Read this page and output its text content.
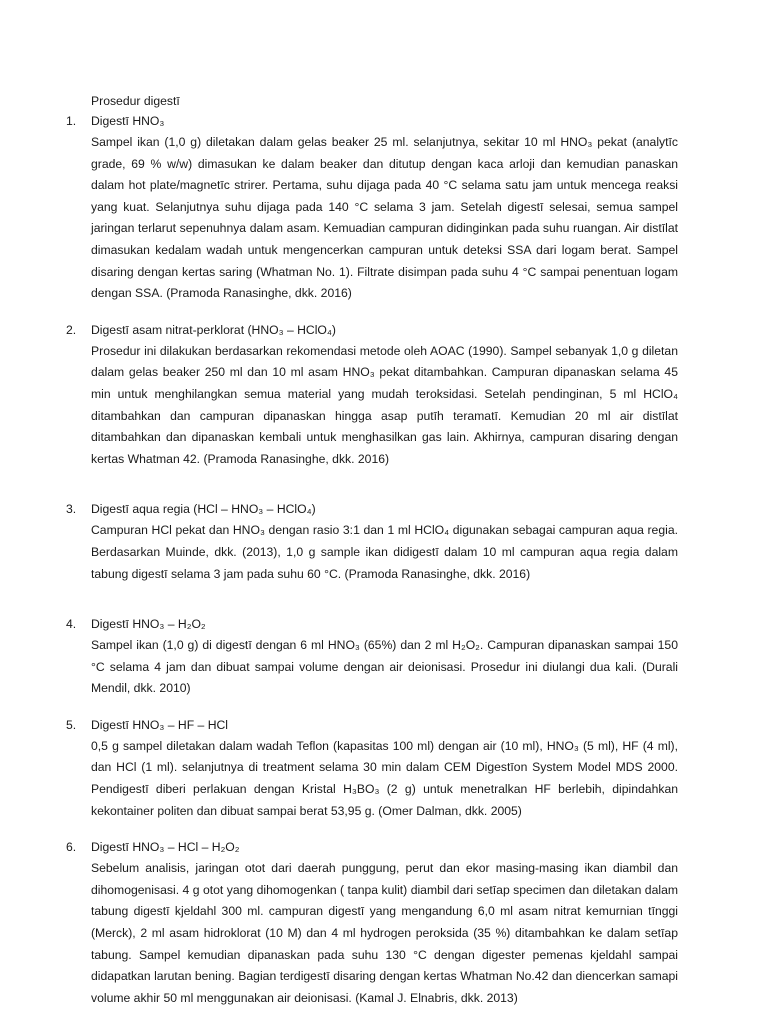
Prosedur digestī
1.	Digestī HNO₃

Sampel ikan (1,0 g) diletakan dalam gelas beaker 25 ml. selanjutnya, sekitar 10 ml HNO₃ pekat (analytīc grade, 69 % w/w) dimasukan ke dalam beaker dan ditutup dengan kaca arloji dan kemudian panaskan dalam hot plate/magnetīc strirer. Pertama, suhu dijaga pada 40 °C selama satu jam untuk mencega reaksi yang kuat. Selanjutnya suhu dijaga pada 140 °C selama 3 jam. Setelah digestī selesai, semua sampel jaringan terlarut sepenuhnya dalam asam. Kemuadian campuran didinginkan pada suhu ruangan. Air distīlat dimasukan kedalam wadah untuk mengencerkan campuran untuk deteksi SSA dari logam berat. Sampel disaring dengan kertas saring (Whatman No. 1). Filtrate disimpan pada suhu 4 °C sampai penentuan logam dengan SSA. (Pramoda Ranasinghe, dkk. 2016)

2.	Digestī asam nitrat-perklorat (HNO₃ – HClO₄)

Prosedur ini dilakukan berdasarkan rekomendasi metode oleh AOAC (1990). Sampel sebanyak 1,0 g diletan dalam gelas beaker 250 ml dan 10 ml asam HNO₃ pekat ditambahkan. Campuran dipanaskan selama 45 min untuk menghilangkan semua material yang mudah teroksidasi. Setelah pendinginan, 5 ml HClO₄ ditambahkan dan campuran dipanaskan hingga asap putīh teramatī. Kemudian 20 ml air distīlat ditambahkan dan dipanaskan kembali untuk menghasilkan gas lain. Akhirnya, campuran disaring dengan kertas Whatman 42. (Pramoda Ranasinghe, dkk. 2016)

3.	Digestī aqua regia (HCl – HNO₃ – HClO₄)

Campuran HCl pekat dan HNO₃ dengan rasio 3:1 dan 1 ml HClO₄ digunakan sebagai campuran aqua regia. Berdasarkan Muinde, dkk. (2013), 1,0 g sample ikan didigestī dalam 10 ml campuran aqua regia dalam tabung digestī selama 3 jam pada suhu 60 °C. (Pramoda Ranasinghe, dkk. 2016)

4.	Digestī HNO₃ – H₂O₂

Sampel ikan (1,0 g) di digestī dengan 6 ml HNO₃ (65%) dan 2 ml H₂O₂. Campuran dipanaskan sampai 150 °C selama 4 jam dan dibuat sampai volume dengan air deionisasi. Prosedur ini diulangi dua kali. (Durali Mendil, dkk. 2010)

5.	Digestī HNO₃ – HF – HCl

0,5 g sampel diletakan dalam wadah Teflon (kapasitas 100 ml) dengan air (10 ml), HNO₃ (5 ml), HF (4 ml), dan HCl (1 ml). selanjutnya di treatment selama 30 min dalam CEM Digestīon System Model MDS 2000. Pendigestī diberi perlakuan dengan Kristal H₃BO₃ (2 g) untuk menetralkan HF berlebih, dipindahkan kekontainer politen dan dibuat sampai berat 53,95 g. (Omer Dalman, dkk. 2005)

6.	Digestī HNO₃ – HCl – H₂O₂

Sebelum analisis, jaringan otot dari daerah punggung, perut dan ekor masing-masing ikan diambil dan dihomogenisasi. 4 g otot yang dihomogenkan ( tanpa kulit) diambil dari setīap specimen dan diletakan dalam tabung digestī kjeldahl 300 ml. campuran digestī yang mengandung 6,0 ml asam nitrat kemurnian tīnggi (Merck), 2 ml asam hidroklorat (10 M) dan 4 ml hydrogen peroksida (35 %) ditambahkan ke dalam setīap tabung. Sampel kemudian dipanaskan pada suhu 130 °C dengan digester pemenas kjeldahl sampai didapatkan larutan bening. Bagian terdigestī disaring dengan kertas Whatman No.42 dan diencerkan samapi volume akhir 50 ml menggunakan air deionisasi. (Kamal J. Elnabris, dkk. 2013)
